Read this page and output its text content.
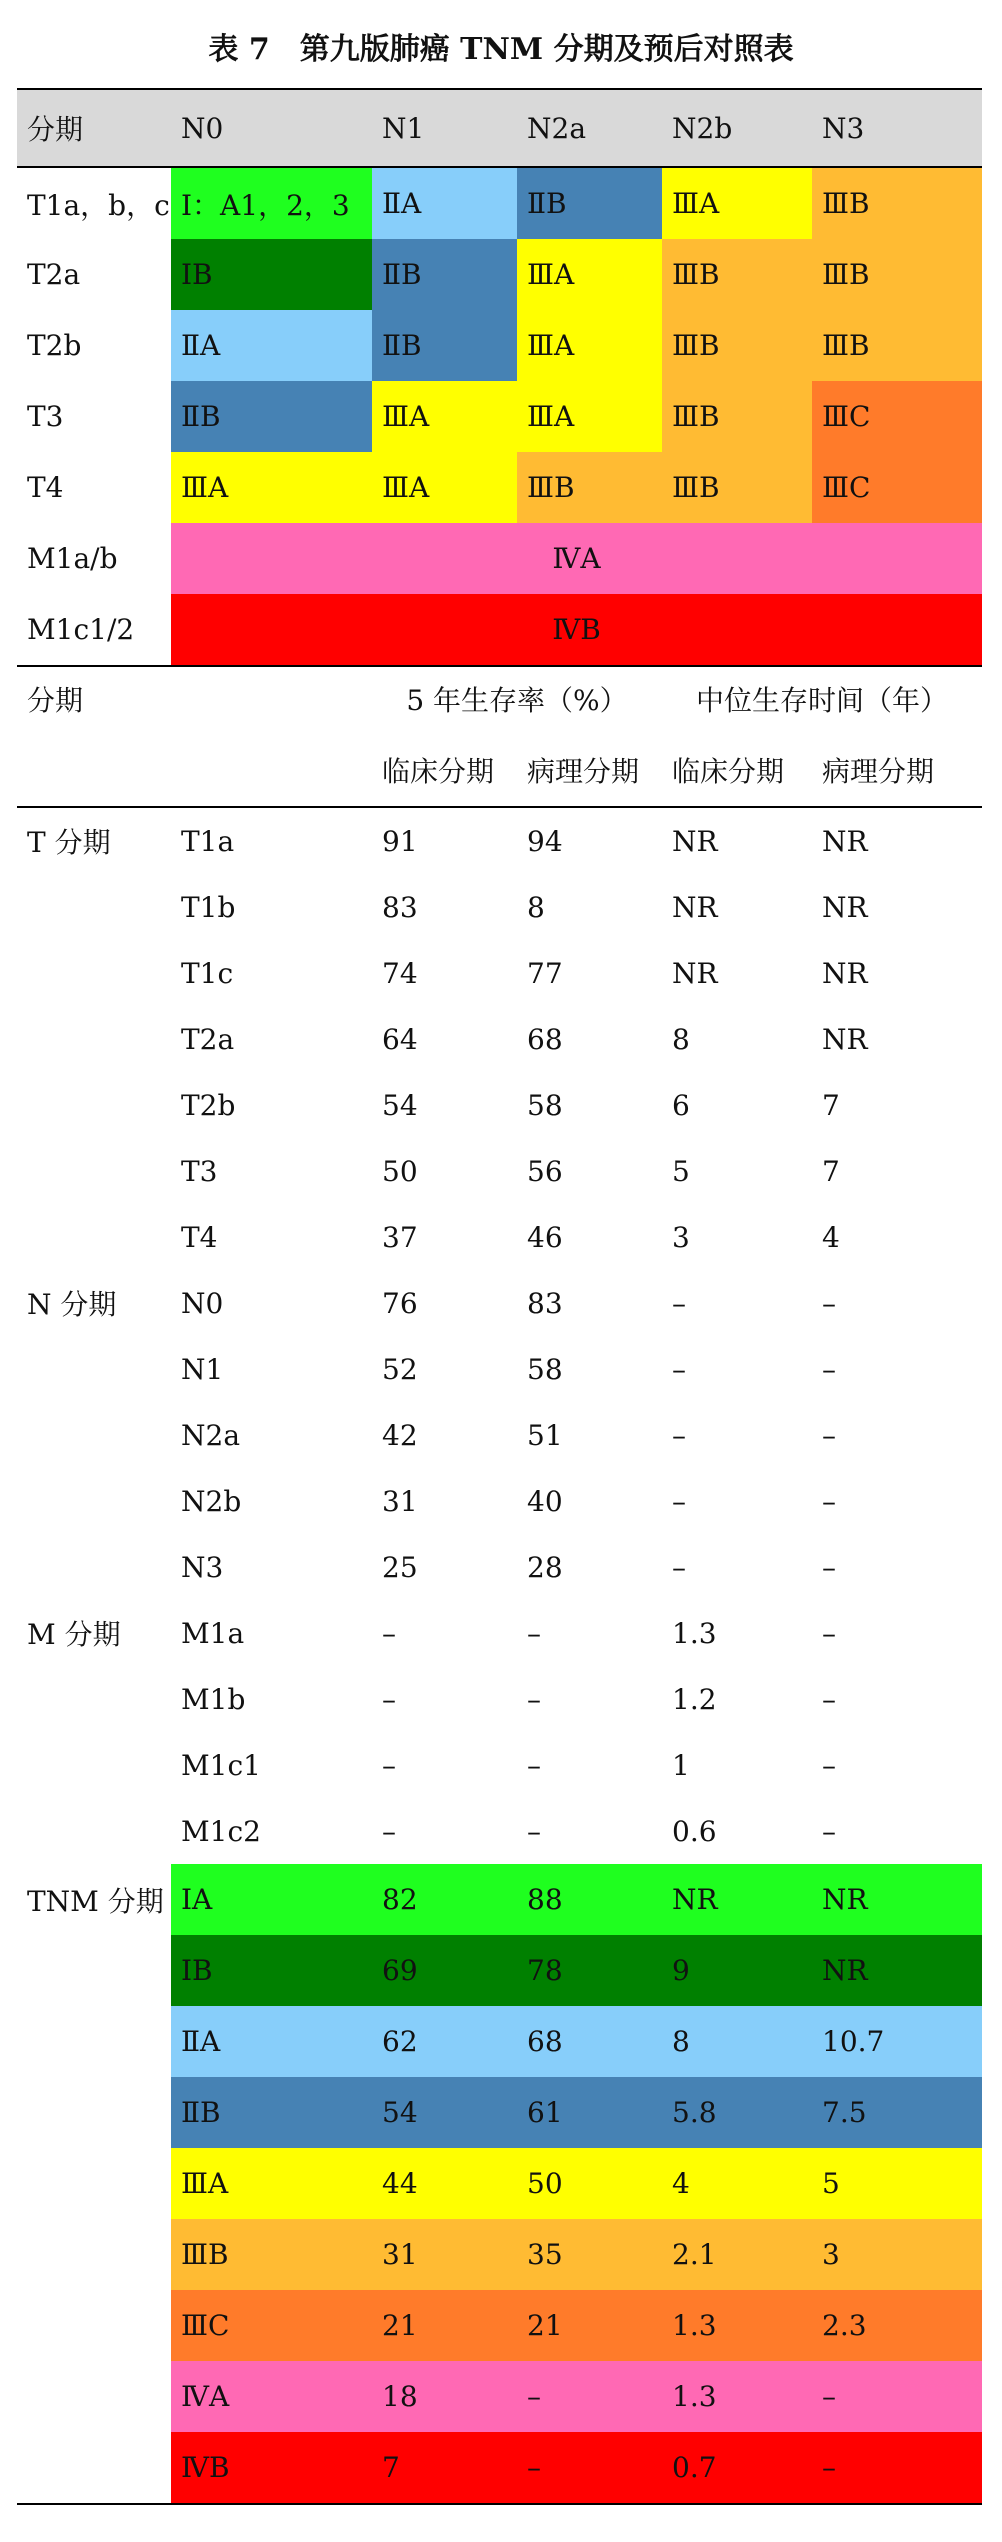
表 7　第九版肺癌 TNM 分期及预后对照表
分期	N0	N1	N2a	N2b	N3
T1a，b，c	Ⅰ：A1，2，3	ⅡA	ⅡB	ⅢA	ⅢB
T2a	ⅠB	ⅡB	ⅢA	ⅢB	ⅢB
T2b	ⅡA	ⅡB	ⅢA	ⅢB	ⅢB
T3	ⅡB	ⅢA	ⅢA	ⅢB	ⅢC
T4	ⅢA	ⅢA	ⅢB	ⅢB	ⅢC
M1a/b	ⅣA				
M1c1/2	ⅣB				
分期		5 年生存率（%）		中位生存时间（年）	
		临床分期	病理分期	临床分期	病理分期
T 分期	T1a	91	94	NR	NR
	T1b	83	8	NR	NR
	T1c	74	77	NR	NR
	T2a	64	68	8	NR
	T2b	54	58	6	7
	T3	50	56	5	7
	T4	37	46	3	4
N 分期	N0	76	83	–	–
	N1	52	58	–	–
	N2a	42	51	–	–
	N2b	31	40	–	–
	N3	25	28	–	–
M 分期	M1a	–	–	1.3	–
	M1b	–	–	1.2	–
	M1c1	–	–	1	–
	M1c2	–	–	0.6	–
TNM 分期	ⅠA	82	88	NR	NR
	ⅠB	69	78	9	NR
	ⅡA	62	68	8	10.7
	ⅡB	54	61	5.8	7.5
	ⅢA	44	50	4	5
	ⅢB	31	35	2.1	3
	ⅢC	21	21	1.3	2.3
	ⅣA	18	–	1.3	–
	ⅣB	7	–	0.7	–
